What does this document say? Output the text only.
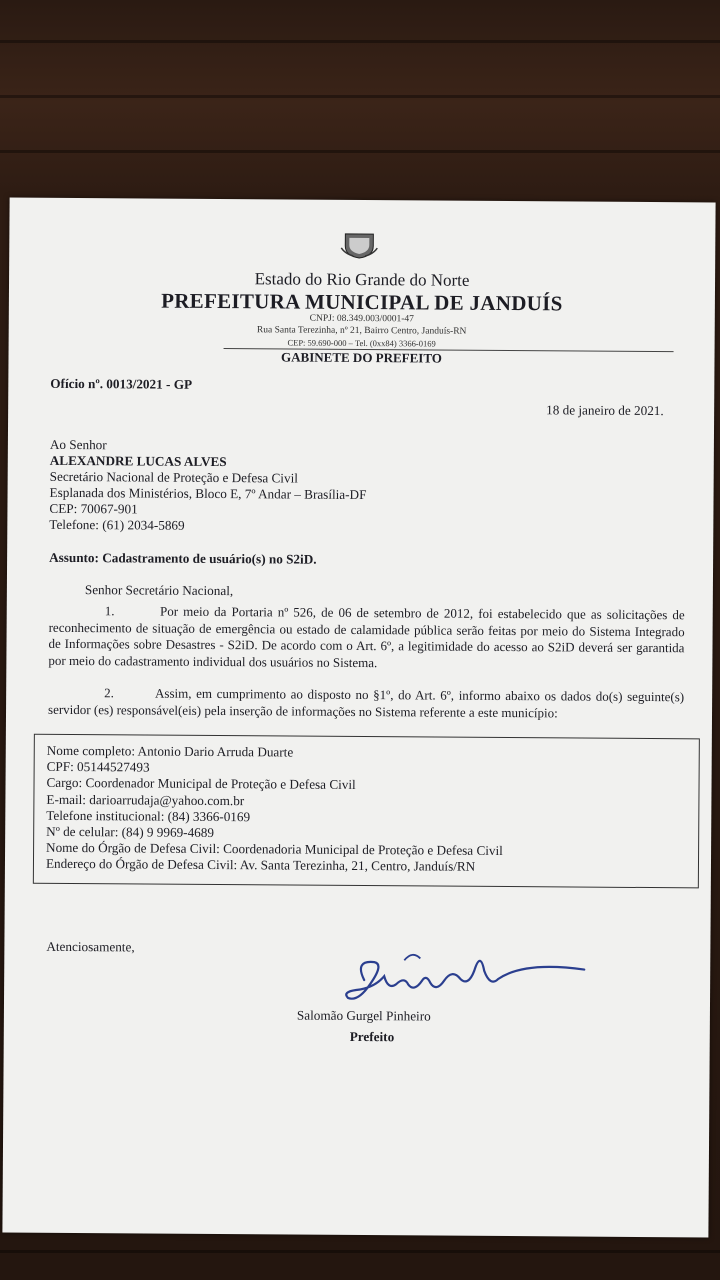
Estado do Rio Grande do Norte
PREFEITURA MUNICIPAL DE JANDUÍS
CNPJ: 08.349.003/0001-47
Rua Santa Terezinha, nº 21, Bairro Centro, Janduís-RN
CEP: 59.690-000 – Tel. (0xx84) 3366-0169
GABINETE DO PREFEITO
Ofício nº. 0013/2021 - GP
18 de janeiro de 2021.
Ao Senhor
ALEXANDRE LUCAS ALVES
Secretário Nacional de Proteção e Defesa Civil
Esplanada dos Ministérios, Bloco E, 7º Andar – Brasília-DF
CEP: 70067-901
Telefone: (61) 2034-5869
Assunto: Cadastramento de usuário(s) no S2iD.
Senhor Secretário Nacional,
1.	Por meio da Portaria nº 526, de 06 de setembro de 2012, foi estabelecido que as solicitações de reconhecimento de situação de emergência ou estado de calamidade pública serão feitas por meio do Sistema Integrado de Informações sobre Desastres - S2iD. De acordo com o Art. 6º, a legitimidade do acesso ao S2iD deverá ser garantida por meio do cadastramento individual dos usuários no Sistema.
2.	Assim, em cumprimento ao disposto no §1º, do Art. 6º, informo abaixo os dados do(s) seguinte(s) servidor (es) responsável(eis) pela inserção de informações no Sistema referente a este município:
Nome completo: Antonio Dario Arruda Duarte
CPF: 05144527493
Cargo: Coordenador Municipal de Proteção e Defesa Civil
E-mail: darioarrudaja@yahoo.com.br
Telefone institucional: (84) 3366-0169
Nº de celular: (84) 9 9969-4689
Nome do Órgão de Defesa Civil: Coordenadoria Municipal de Proteção e Defesa Civil
Endereço do Órgão de Defesa Civil: Av. Santa Terezinha, 21, Centro, Janduís/RN
Atenciosamente,
Salomão Gurgel Pinheiro
Prefeito
